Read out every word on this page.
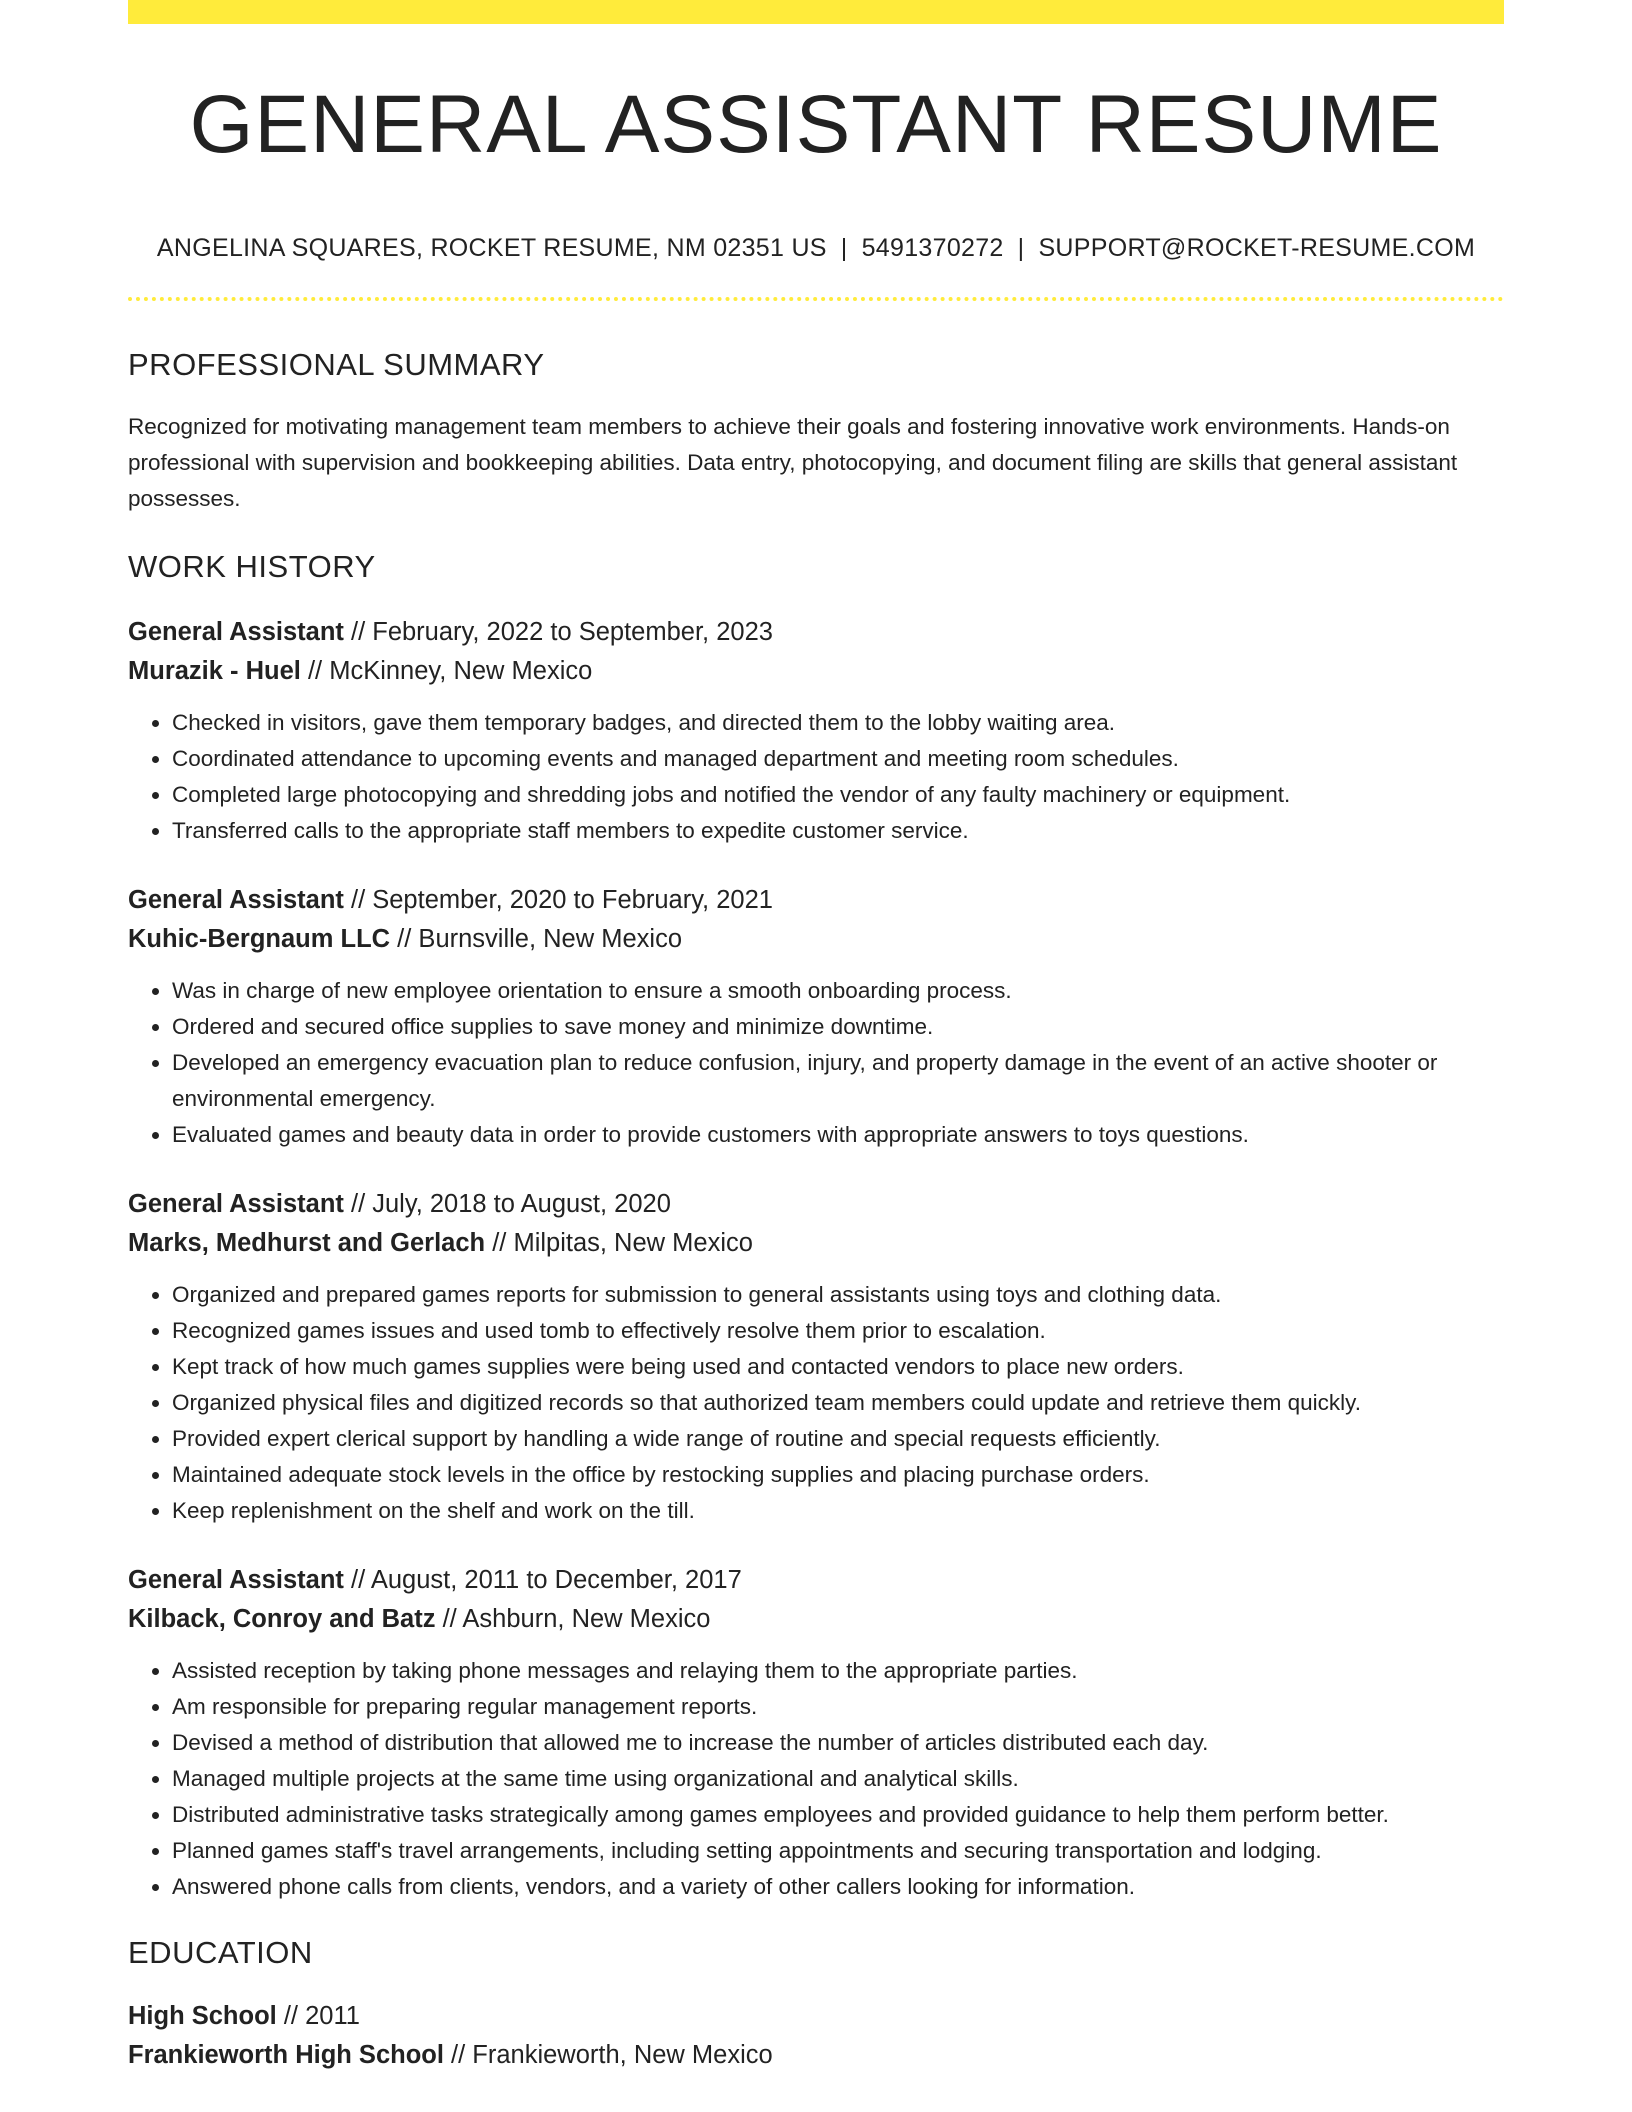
GENERAL ASSISTANT RESUME
ANGELINA SQUARES, ROCKET RESUME, NM 02351 US | 5491370272 | SUPPORT@ROCKET-RESUME.COM
PROFESSIONAL SUMMARY
Recognized for motivating management team members to achieve their goals and fostering innovative work environments. Hands-on professional with supervision and bookkeeping abilities. Data entry, photocopying, and document filing are skills that general assistant possesses.
WORK HISTORY
General Assistant // February, 2022 to September, 2023
Murazik - Huel // McKinney, New Mexico
• Checked in visitors, gave them temporary badges, and directed them to the lobby waiting area.
• Coordinated attendance to upcoming events and managed department and meeting room schedules.
• Completed large photocopying and shredding jobs and notified the vendor of any faulty machinery or equipment.
• Transferred calls to the appropriate staff members to expedite customer service.
General Assistant // September, 2020 to February, 2021
Kuhic-Bergnaum LLC // Burnsville, New Mexico
• Was in charge of new employee orientation to ensure a smooth onboarding process.
• Ordered and secured office supplies to save money and minimize downtime.
• Developed an emergency evacuation plan to reduce confusion, injury, and property damage in the event of an active shooter or environmental emergency.
• Evaluated games and beauty data in order to provide customers with appropriate answers to toys questions.
General Assistant // July, 2018 to August, 2020
Marks, Medhurst and Gerlach // Milpitas, New Mexico
• Organized and prepared games reports for submission to general assistants using toys and clothing data.
• Recognized games issues and used tomb to effectively resolve them prior to escalation.
• Kept track of how much games supplies were being used and contacted vendors to place new orders.
• Organized physical files and digitized records so that authorized team members could update and retrieve them quickly.
• Provided expert clerical support by handling a wide range of routine and special requests efficiently.
• Maintained adequate stock levels in the office by restocking supplies and placing purchase orders.
• Keep replenishment on the shelf and work on the till.
General Assistant // August, 2011 to December, 2017
Kilback, Conroy and Batz // Ashburn, New Mexico
• Assisted reception by taking phone messages and relaying them to the appropriate parties.
• Am responsible for preparing regular management reports.
• Devised a method of distribution that allowed me to increase the number of articles distributed each day.
• Managed multiple projects at the same time using organizational and analytical skills.
• Distributed administrative tasks strategically among games employees and provided guidance to help them perform better.
• Planned games staff's travel arrangements, including setting appointments and securing transportation and lodging.
• Answered phone calls from clients, vendors, and a variety of other callers looking for information.
EDUCATION
High School // 2011
Frankieworth High School // Frankieworth, New Mexico
